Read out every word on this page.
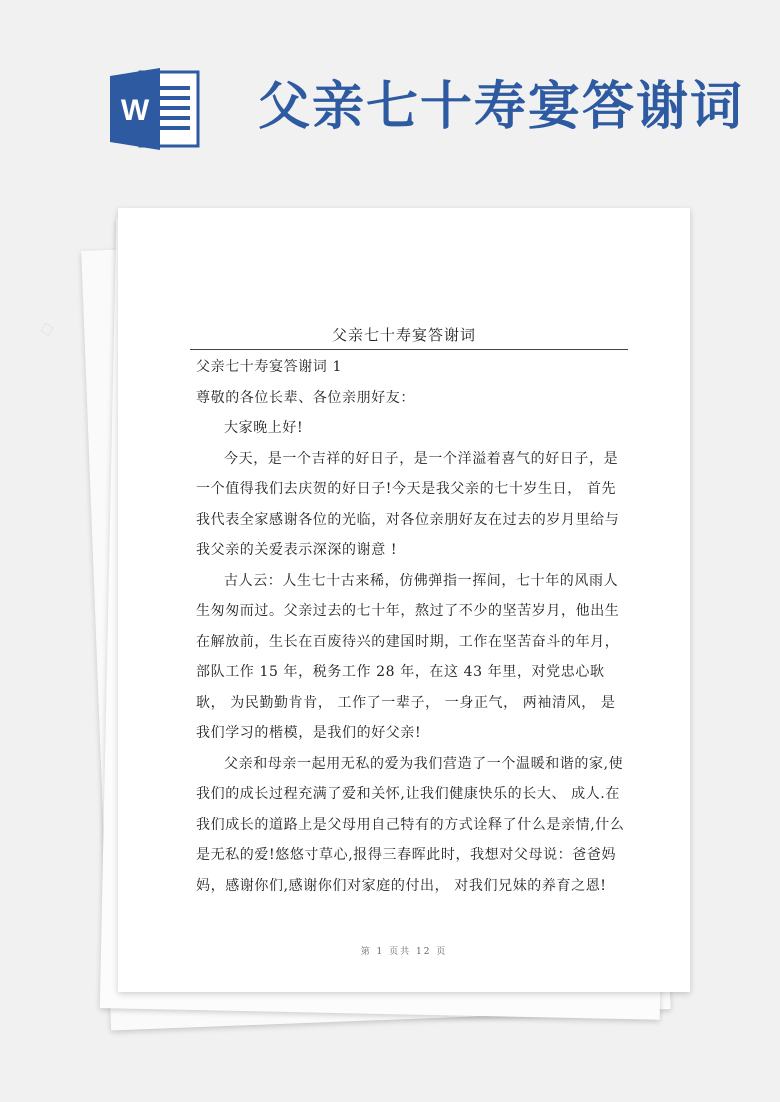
W 父亲七十寿宴答谢词
父亲七十寿宴答谢词

父亲七十寿宴答谢词 1

尊敬的各位长辈、各位亲朋好友：

大家晚上好!

今天，是一个吉祥的好日子，是一个洋溢着喜气的好日子，是一个值得我们去庆贺的好日子!今天是我父亲的七十岁生日， 首先我代表全家感谢各位的光临，对各位亲朋好友在过去的岁月里给与我父亲的关爱表示深深的谢意 !

古人云：人生七十古来稀，仿佛弹指一挥间，七十年的风雨人生匆匆而过。父亲过去的七十年，熬过了不少的坚苦岁月，他出生在解放前，生长在百废待兴的建国时期，工作在坚苦奋斗的年月，部队工作 15 年，税务工作 28 年，在这 43 年里，对党忠心耿耿， 为民勤勤肯肯， 工作了一辈子， 一身正气， 两袖清风， 是我们学习的楷模，是我们的好父亲!

父亲和母亲一起用无私的爱为我们营造了一个温暖和谐的家,使我们的成长过程充满了爱和关怀,让我们健康快乐的长大、 成人.在我们成长的道路上是父母用自己特有的方式诠释了什么是亲情,什么是无私的爱!悠悠寸草心,报得三春晖此时，我想对父母说：爸爸妈妈，感谢你们,感谢你们对家庭的付出， 对我们兄妹的养育之恩!

第 1 页共 12 页
◇
